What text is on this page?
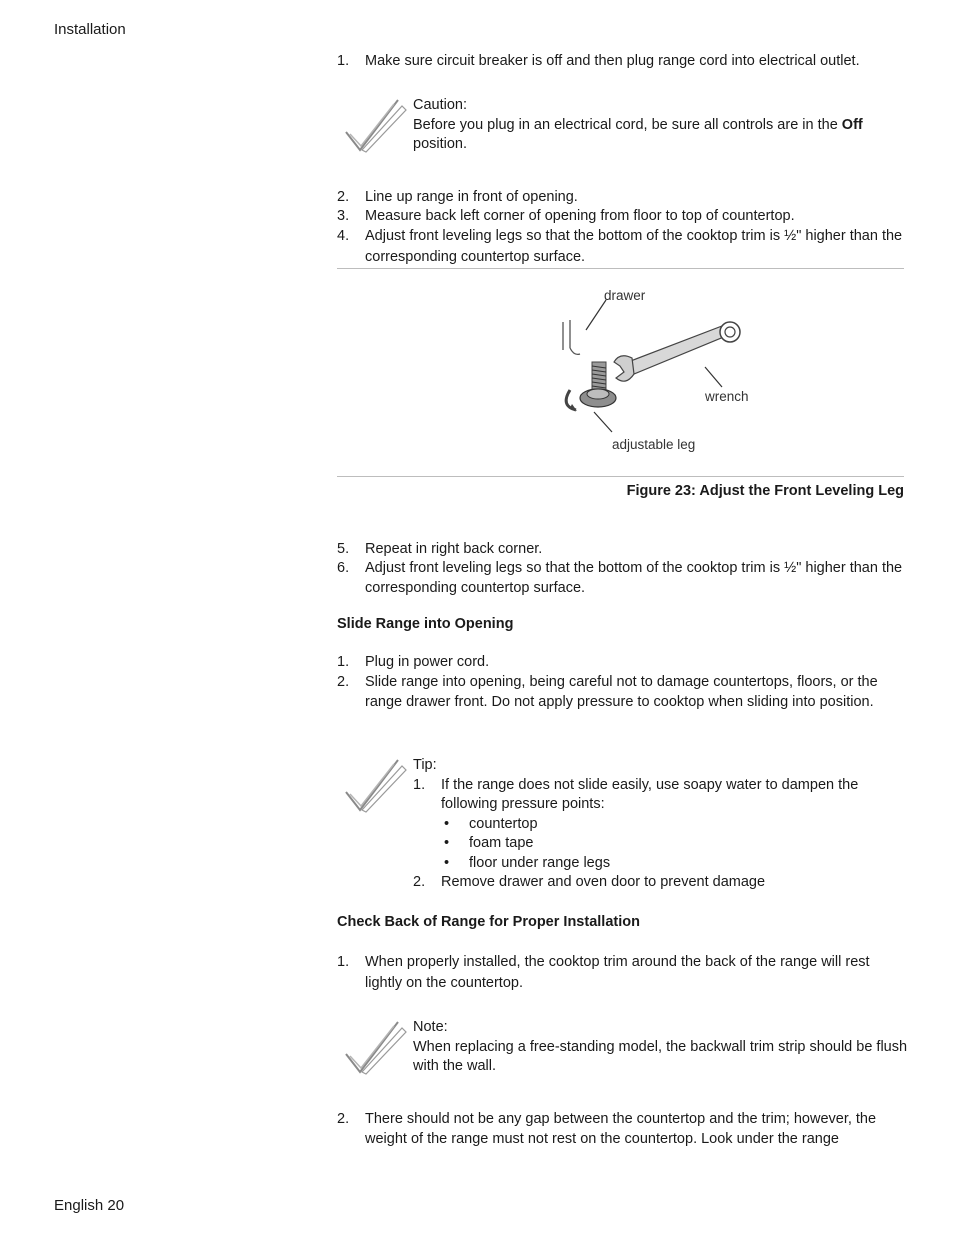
Installation
English 20
1.	Make sure circuit breaker is off and then plug range cord into electrical outlet.
Caution:
Before you plug in an electrical cord, be sure all controls are in the Off position.
2.	Line up range in front of opening.
3.	Measure back left corner of opening from floor to top of countertop.
4.	Adjust front leveling legs so that the bottom of the cooktop trim is ½" higher than the corresponding countertop surface.
drawer
wrench
adjustable leg
Figure 23: Adjust the Front Leveling Leg
5.	Repeat in right back corner.
6.	Adjust front leveling legs so that the bottom of the cooktop trim is ½" higher than the corresponding countertop surface.
Slide Range into Opening
1.	Plug in power cord.
2.	Slide range into opening, being careful not to damage countertops, floors, or the range drawer front. Do not apply pressure to cooktop when sliding into position.
Tip:
1. If the range does not slide easily, use soapy water to dampen the following pressure points:
• countertop
• foam tape
• floor under range legs
2. Remove drawer and oven door to prevent damage
Check Back of Range for Proper Installation
1.	When properly installed, the cooktop trim around the back of the range will rest lightly on the countertop.
Note:
When replacing a free-standing model, the backwall trim strip should be flush with the wall.
2.	There should not be any gap between the countertop and the trim; however, the weight of the range must not rest on the countertop. Look under the range
